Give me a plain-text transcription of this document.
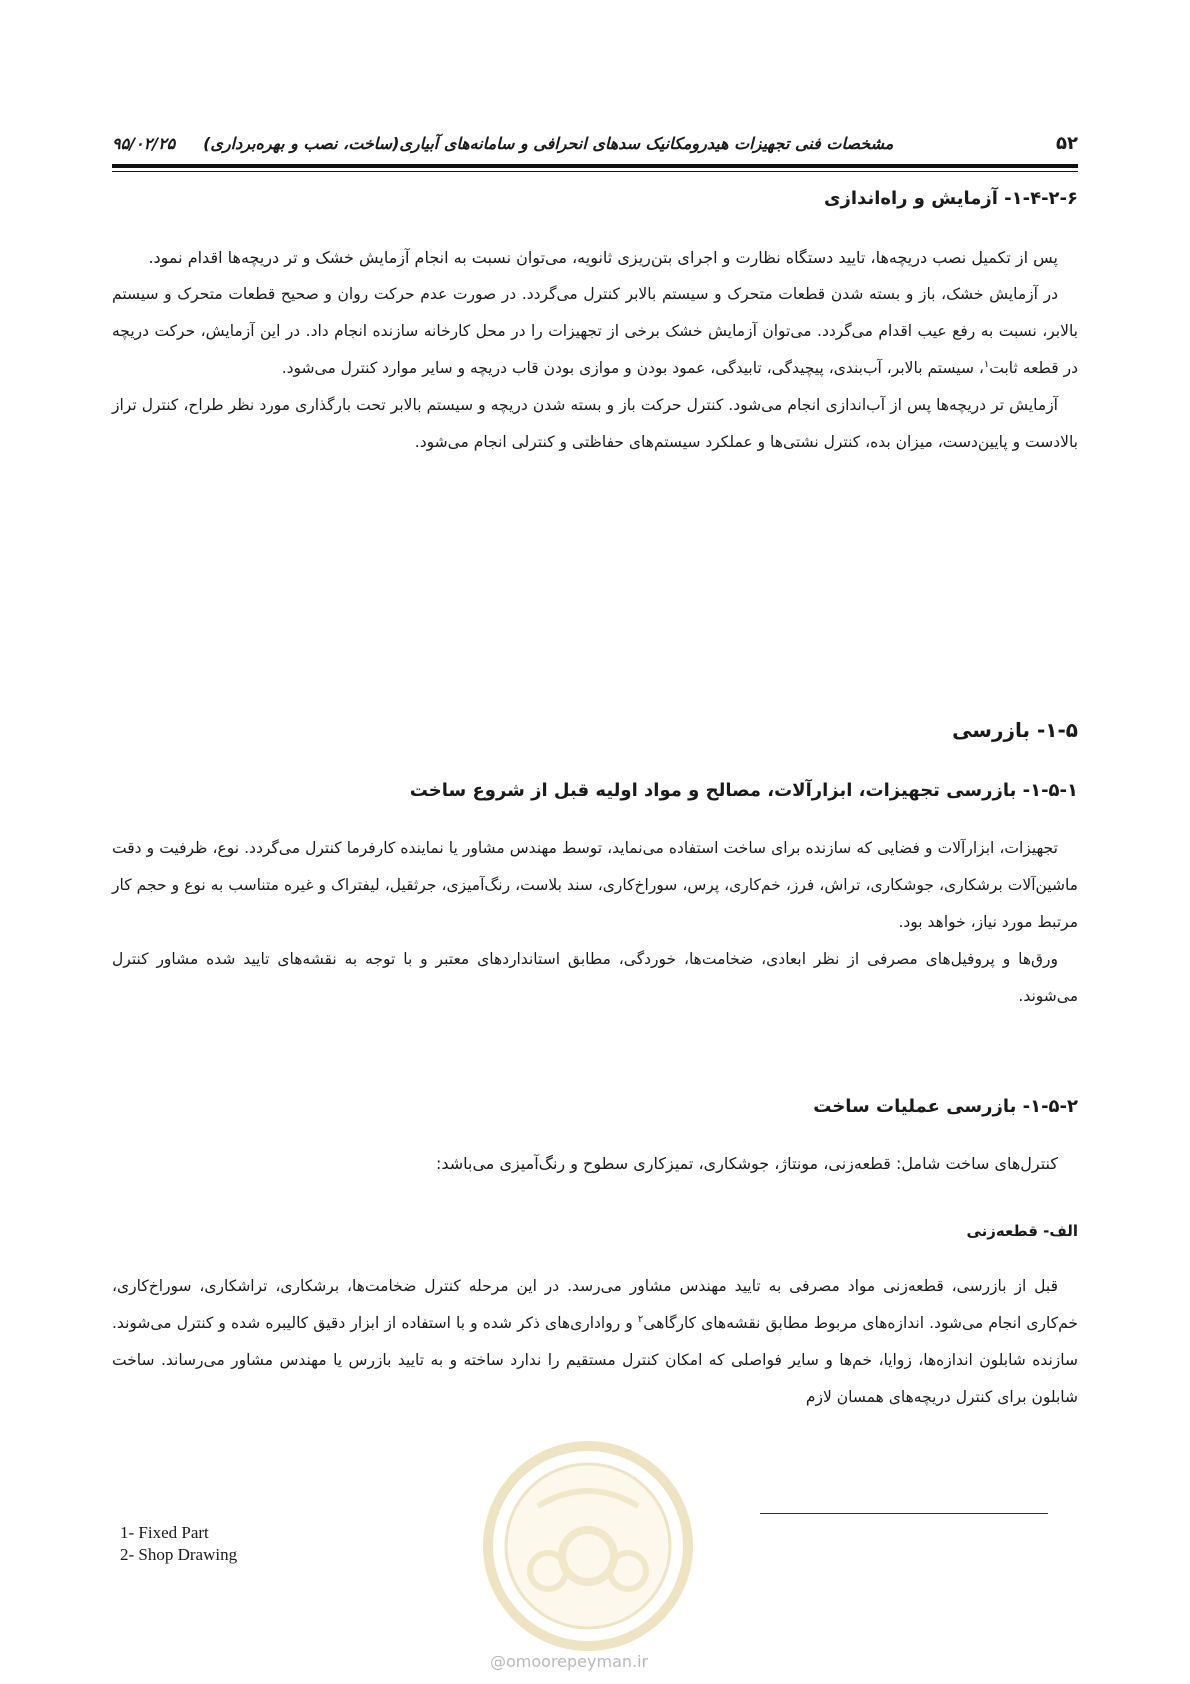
۵۲
مشخصات فنی تجهیزات هیدرومکانیک سدهای انحرافی و سامانه‌های آبیاری(ساخت، نصب و بهره‌برداری)     ۹۵/۰۲/۲۵
۱-۴-۲-۶- آزمایش و راه‌اندازی

پس از تکمیل نصب دریچه‌ها، تایید دستگاه نظارت و اجرای بتن‌ریزی ثانویه، می‌توان نسبت به انجام آزمایش خشک و تر دریچه‌ها اقدام نمود.

در آزمایش خشک، باز و بسته شدن قطعات متحرک و سیستم بالابر کنترل می‌گردد. در صورت عدم حرکت روان و صحیح قطعات متحرک و سیستم بالابر، نسبت به رفع عیب اقدام می‌گردد. می‌توان آزمایش خشک برخی از تجهیزات را در محل کارخانه سازنده انجام داد. در این آزمایش، حرکت دریچه در قطعه ثابت$^۱$، سیستم بالابر، آب‌بندی، پیچیدگی، تابیدگی، عمود بودن و موازی بودن قاب دریچه و سایر موارد کنترل می‌شود.

آزمایش تر دریچه‌ها پس از آب‌اندازی انجام می‌شود. کنترل حرکت باز و بسته شدن دریچه و سیستم بالابر تحت بارگذاری مورد نظر طراح، کنترل تراز بالادست و پایین‌دست، میزان بده، کنترل نشتی‌ها و عملکرد سیستم‌های حفاظتی و کنترلی انجام می‌شود.

۱-۵- بازرسی
۱-۵-۱- بازرسی تجهیزات، ابزارآلات، مصالح و مواد اولیه قبل از شروع ساخت

تجهیزات، ابزارآلات و فضایی که سازنده برای ساخت استفاده می‌نماید، توسط مهندس مشاور یا نماینده کارفرما کنترل می‌گردد. نوع، ظرفیت و دقت ماشین‌آلات برشکاری، جوشکاری، تراش، فرز، خم‌کاری، پرس، سوراخ‌کاری، سند بلاست، رنگ‌آمیزی، جرثقیل، لیفتراک و غیره متناسب به نوع و حجم کار مرتبط مورد نیاز، خواهد بود.

ورق‌ها و پروفیل‌های مصرفی از نظر ابعادی، ضخامت‌ها، خوردگی، مطابق استانداردهای معتبر و با توجه به نقشه‌های تایید شده مشاور کنترل می‌شوند.

۱-۵-۲- بازرسی عملیات ساخت

کنترل‌های ساخت شامل: قطعه‌زنی، مونتاژ، جوشکاری، تمیزکاری سطوح و رنگ‌آمیزی می‌باشد:

الف- قطعه‌زنی

قبل از بازرسی، قطعه‌زنی مواد مصرفی به تایید مهندس مشاور می‌رسد. در این مرحله کنترل ضخامت‌ها، برشکاری، تراشکاری، سوراخ‌کاری، خم‌کاری انجام می‌شود. اندازه‌های مربوط مطابق نقشه‌های کارگاهی$^۲$ و رواداری‌های ذکر شده و با استفاده از ابزار دقیق کالیبره شده و کنترل می‌شوند. سازنده شابلون اندازه‌ها، زوایا، خم‌ها و سایر فواصلی که امکان کنترل مستقیم را ندارد ساخته و به تایید بازرس یا مهندس مشاور می‌رساند. ساخت شابلون برای کنترل دریچه‌های همسان لازم

1- Fixed Part
2- Shop Drawing
@omoorepeyman.ir
